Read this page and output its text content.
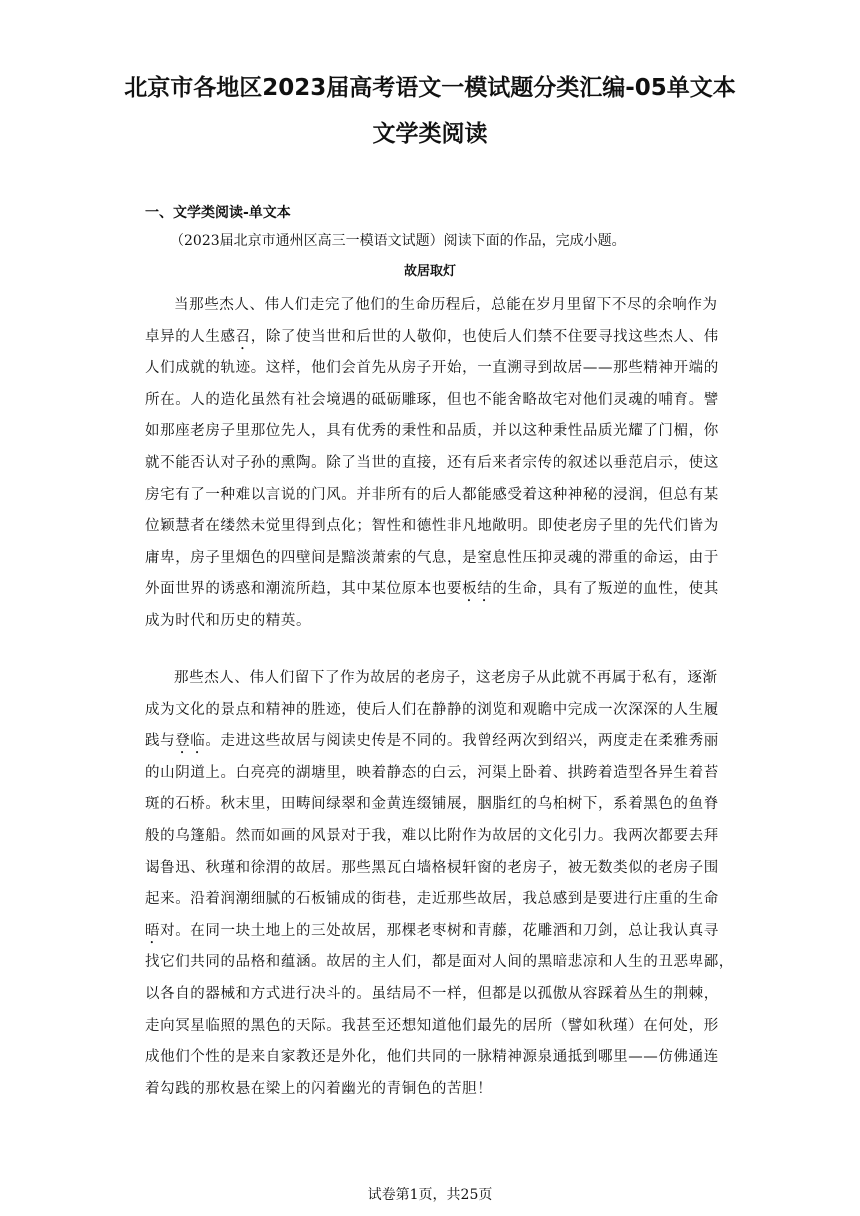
北京市各地区2023届高考语文一模试题分类汇编-05单文本
文学类阅读
一、文学类阅读-单文本
（2023届北京市通州区高三一模语文试题）阅读下面的作品，完成小题。
故居取灯
当那些杰人、伟人们走完了他们的生命历程后，总能在岁月里留下不尽的余响作为
卓异的人生感召，除了使当世和后世的人敬仰，也使后人们禁不住要寻找这些杰人、伟
人们成就的轨迹。这样，他们会首先从房子开始，一直溯寻到故居——那些精神开端的
所在。人的造化虽然有社会境遇的砥砺雕琢，但也不能舍略故宅对他们灵魂的哺育。譬
如那座老房子里那位先人，具有优秀的秉性和品质，并以这种秉性品质光耀了门楣，你
就不能否认对子孙的熏陶。除了当世的直接，还有后来者宗传的叙述以垂范启示，使这
房宅有了一种难以言说的门风。并非所有的后人都能感受着这种神秘的浸润，但总有某
位颖慧者在缕然未觉里得到点化；智性和德性非凡地敞明。即使老房子里的先代们皆为
庸卑，房子里烟色的四壁间是黯淡萧索的气息，是窒息性压抑灵魂的滞重的命运，由于
外面世界的诱惑和潮流所趋，其中某位原本也要板结的生命，具有了叛逆的血性，使其
成为时代和历史的精英。
那些杰人、伟人们留下了作为故居的老房子，这老房子从此就不再属于私有，逐渐
成为文化的景点和精神的胜迹，使后人们在静静的浏览和观瞻中完成一次深深的人生履
践与登临。走进这些故居与阅读史传是不同的。我曾经两次到绍兴，两度走在柔雅秀丽
的山阴道上。白亮亮的湖塘里，映着静态的白云，河渠上卧着、拱跨着造型各异生着苔
斑的石桥。秋末里，田畴间绿翠和金黄连缀铺展，胭脂红的乌桕树下，系着黑色的鱼脊
般的乌篷船。然而如画的风景对于我，难以比附作为故居的文化引力。我两次都要去拜
谒鲁迅、秋瑾和徐渭的故居。那些黑瓦白墙格棂轩窗的老房子，被无数类似的老房子围
起来。沿着润潮细腻的石板铺成的街巷，走近那些故居，我总感到是要进行庄重的生命
晤对。在同一块土地上的三处故居，那棵老枣树和青藤，花雕酒和刀剑，总让我认真寻
找它们共同的品格和蕴涵。故居的主人们，都是面对人间的黑暗悲凉和人生的丑恶卑鄙，
以各自的器械和方式进行决斗的。虽结局不一样，但都是以孤傲从容踩着丛生的荆棘，
走向冥星临照的黑色的天际。我甚至还想知道他们最先的居所（譬如秋瑾）在何处，形
成他们个性的是来自家教还是外化，他们共同的一脉精神源泉通抵到哪里——仿佛通连
着勾践的那枚悬在梁上的闪着幽光的青铜色的苦胆！
试卷第1页，共25页
